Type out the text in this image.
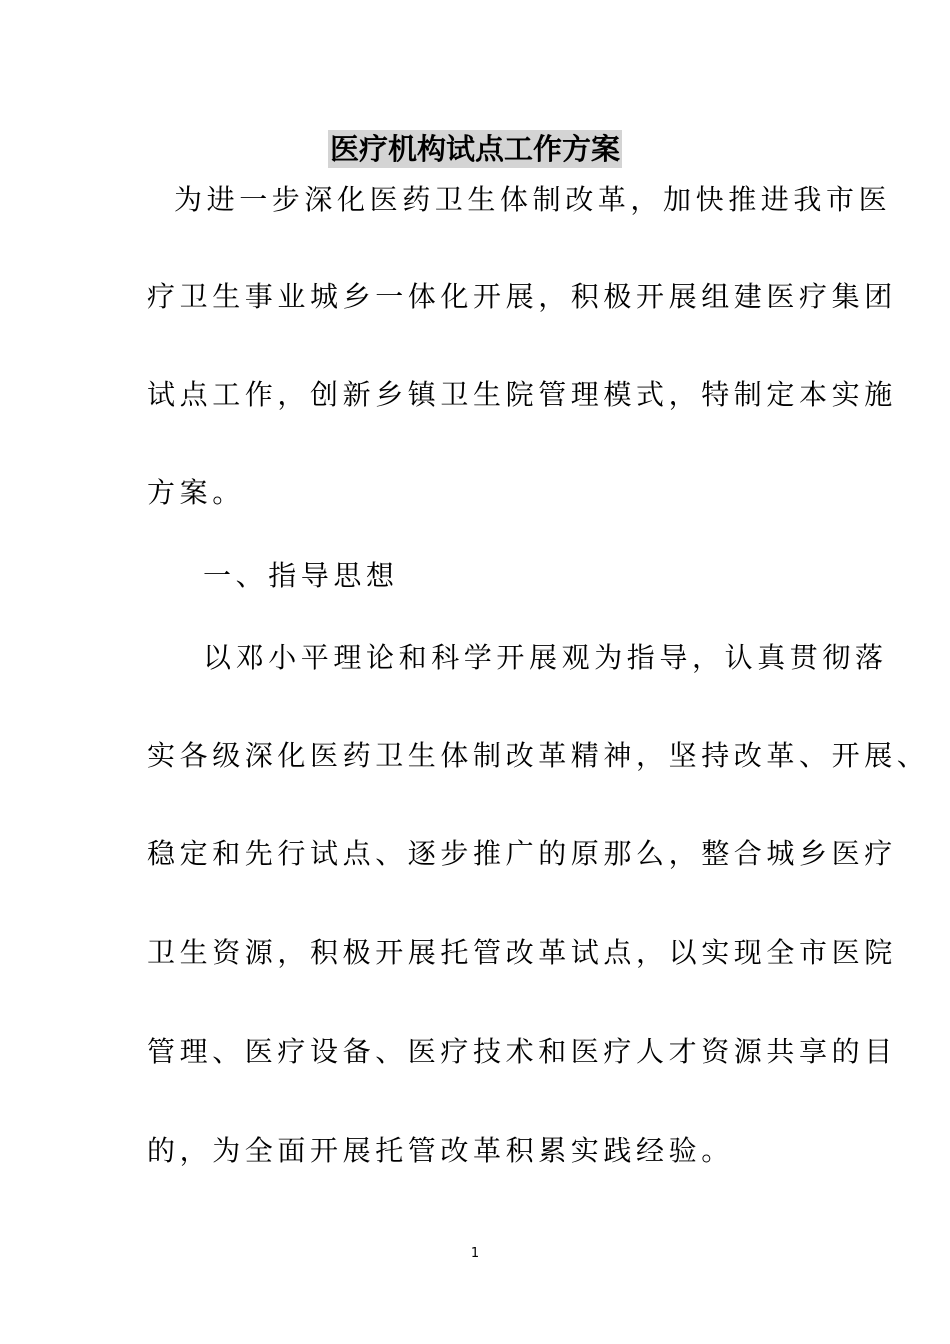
医疗机构试点工作方案
为进一步深化医药卫生体制改革，加快推进我市医
疗卫生事业城乡一体化开展，积极开展组建医疗集团
试点工作，创新乡镇卫生院管理模式，特制定本实施
方案。
一、指导思想
以邓小平理论和科学开展观为指导，认真贯彻落
实各级深化医药卫生体制改革精神，坚持改革、开展、
稳定和先行试点、逐步推广的原那么，整合城乡医疗
卫生资源，积极开展托管改革试点，以实现全市医院
管理、医疗设备、医疗技术和医疗人才资源共享的目
的，为全面开展托管改革积累实践经验。
1
